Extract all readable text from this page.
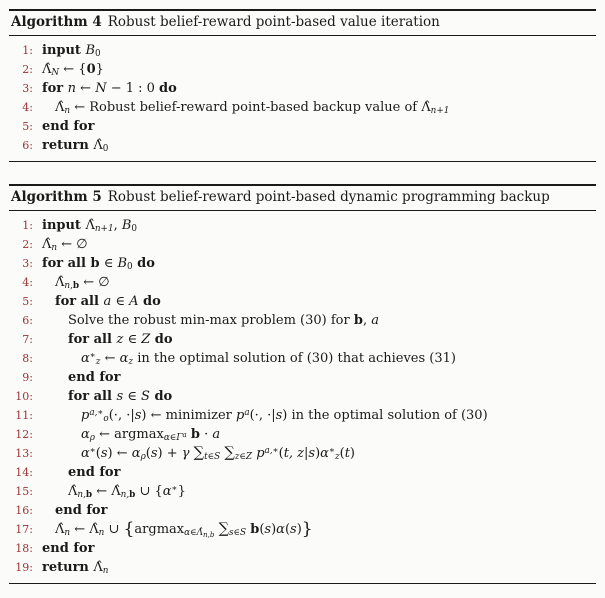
Algorithm 4 Robust belief-reward point-based value iteration
1: input B0
2: Λ̂N ← {0}
3: for n ← N − 1 : 0 do
4:	Λ̂n ← Robust belief-reward point-based backup value of Λ̂n+1
5: end for
6: return Λ̂0
Algorithm 5 Robust belief-reward point-based dynamic programming backup
1: input Λ̂n+1, B0
2: Λ̂n ← ∅
3: for all b ∈ B0 do
4:	Λ̂n,b ← ∅
5:	for all a ∈ A do
6:	Solve the robust min-max problem (30) for b, a
7:	for all z ∈ Z do
8:	α∗z ← αz in the optimal solution of (30) that achieves (31)
9:	end for
10:	for all s ∈ S do
11:	$p^{a,∗}o(\cdot$, ·|s) ← minimizer $p^a(\cdot$, ·|s) in the optimal solution of (30)
12:	αρ ← argmaxα∈Γa b · a
13:	α∗(s) ← αρ(s) + γ ∑t∈S ∑z∈Z $p^{a,∗}(t$, z|s)α∗z(t)
14:	end for
15:	Λ̂n,b ← Λ̂n,b ∪ {α∗}
16:	end for
17:	Λ̂n ← Λ̂n ∪ {$argmax\alpha\in\Lambdâ_{n,b}$ ∑s∈S b(s)α(s)}
18: end for
19: return Λ̂n
